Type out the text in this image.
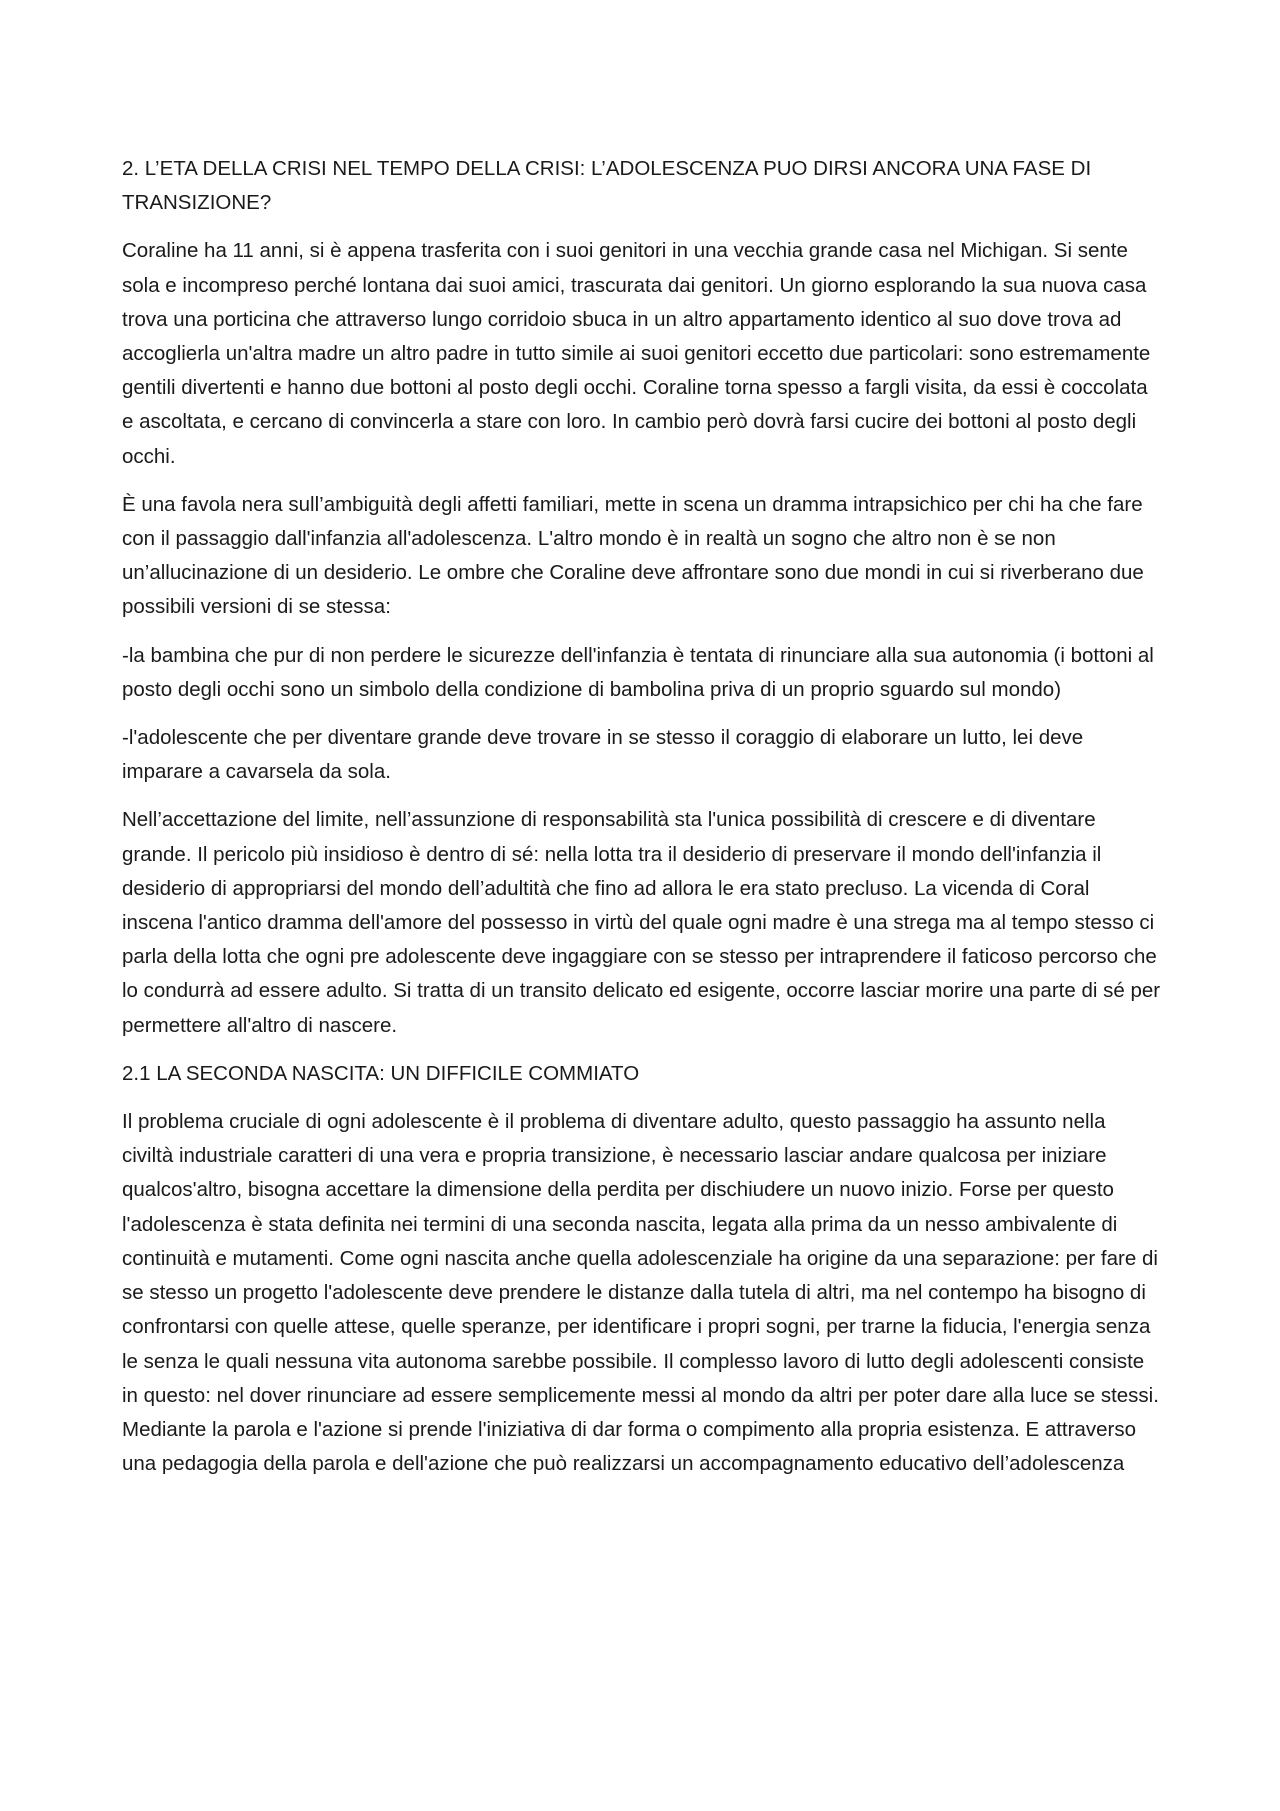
2. L’ETA DELLA CRISI NEL TEMPO DELLA CRISI: L’ADOLESCENZA PUO DIRSI ANCORA UNA FASE DI TRANSIZIONE?

Coraline ha 11 anni, si è appena trasferita con i suoi genitori in una vecchia grande casa nel Michigan. Si sente sola e incompreso perché lontana dai suoi amici, trascurata dai genitori. Un giorno esplorando la sua nuova casa trova una porticina che attraverso lungo corridoio sbuca in un altro appartamento identico al suo dove trova ad accoglierla un'altra madre un altro padre in tutto simile ai suoi genitori eccetto due particolari: sono estremamente gentili divertenti e hanno due bottoni al posto degli occhi. Coraline torna spesso a fargli visita, da essi è coccolata e ascoltata, e cercano di convincerla a stare con loro. In cambio però dovrà farsi cucire dei bottoni al posto degli occhi.

È una favola nera sull’ambiguità degli affetti familiari, mette in scena un dramma intrapsichico per chi ha che fare con il passaggio dall'infanzia all'adolescenza. L'altro mondo è in realtà un sogno che altro non è se non un’allucinazione di un desiderio. Le ombre che Coraline deve affrontare sono due mondi in cui si riverberano due possibili versioni di se stessa:

-la bambina che pur di non perdere le sicurezze dell'infanzia è tentata di rinunciare alla sua autonomia (i bottoni al posto degli occhi sono un simbolo della condizione di bambolina priva di un proprio sguardo sul mondo)

-l'adolescente che per diventare grande deve trovare in se stesso il coraggio di elaborare un lutto, lei deve imparare a cavarsela da sola.

Nell’accettazione del limite, nell’assunzione di responsabilità sta l'unica possibilità di crescere e di diventare grande. Il pericolo più insidioso è dentro di sé: nella lotta tra il desiderio di preservare il mondo dell'infanzia il desiderio di appropriarsi del mondo dell’adultità che fino ad allora le era stato precluso. La vicenda di Coral inscena l'antico dramma dell'amore del possesso in virtù del quale ogni madre è una strega ma al tempo stesso ci parla della lotta che ogni pre adolescente deve ingaggiare con se stesso per intraprendere il faticoso percorso che lo condurrà ad essere adulto. Si tratta di un transito delicato ed esigente, occorre lasciar morire una parte di sé per permettere all'altro di nascere.

2.1 LA SECONDA NASCITA: UN DIFFICILE COMMIATO

Il problema cruciale di ogni adolescente è il problema di diventare adulto, questo passaggio ha assunto nella civiltà industriale caratteri di una vera e propria transizione, è necessario lasciar andare qualcosa per iniziare qualcos'altro, bisogna accettare la dimensione della perdita per dischiudere un nuovo inizio. Forse per questo l'adolescenza è stata definita nei termini di una seconda nascita, legata alla prima da un nesso ambivalente di continuità e mutamenti. Come ogni nascita anche quella adolescenziale ha origine da una separazione: per fare di se stesso un progetto l'adolescente deve prendere le distanze dalla tutela di altri, ma nel contempo ha bisogno di confrontarsi con quelle attese, quelle speranze, per identificare i propri sogni, per trarne la fiducia, l'energia senza le senza le quali nessuna vita autonoma sarebbe possibile. Il complesso lavoro di lutto degli adolescenti consiste in questo: nel dover rinunciare ad essere semplicemente messi al mondo da altri per poter dare alla luce se stessi. Mediante la parola e l'azione si prende l'iniziativa di dar forma o compimento alla propria esistenza. E attraverso una pedagogia della parola e dell'azione che può realizzarsi un accompagnamento educativo dell’adolescenza
